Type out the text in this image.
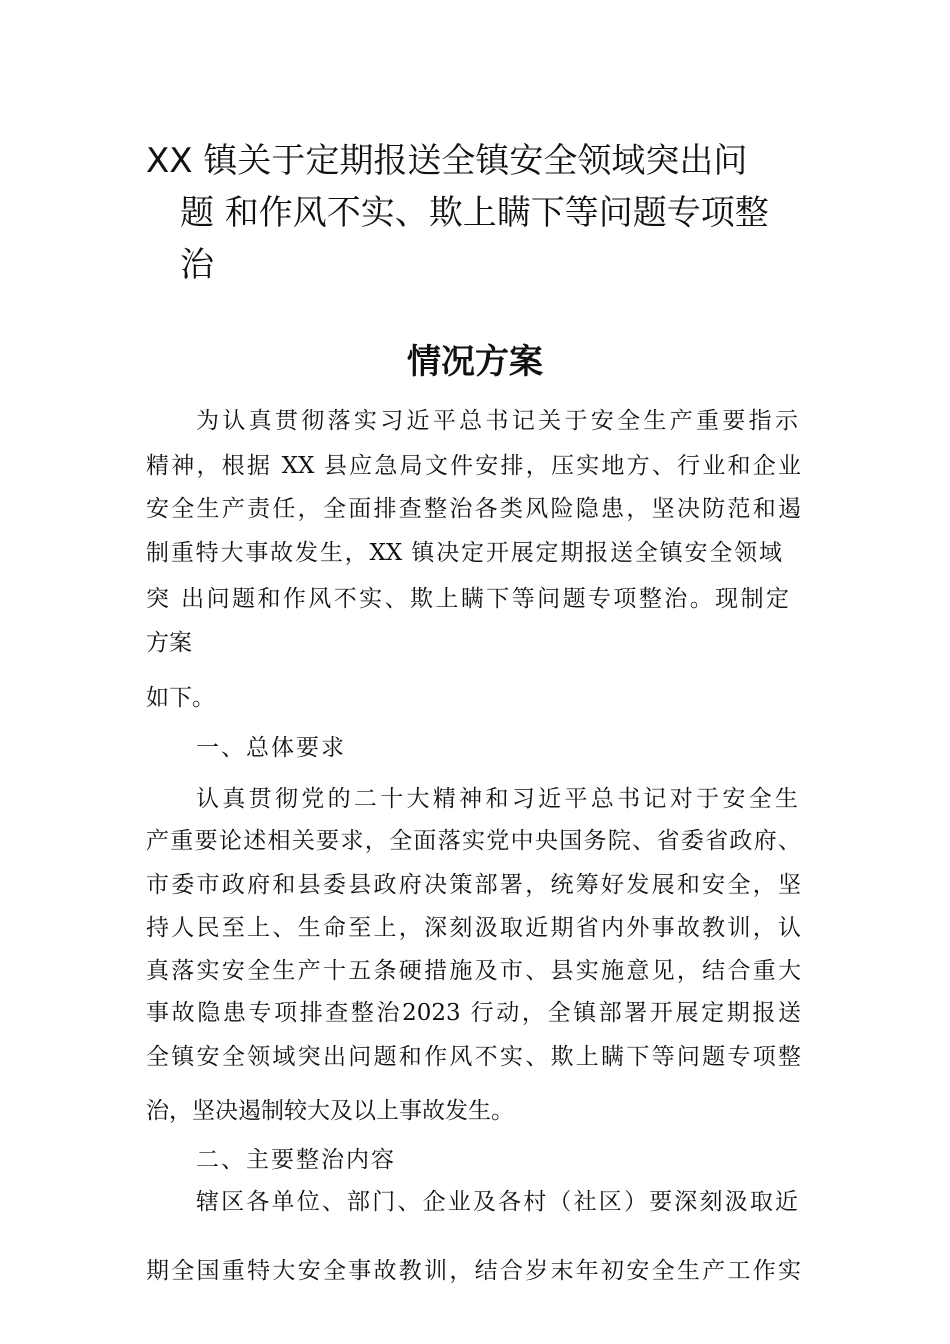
XX 镇关于定期报送全镇安全领域突出问
题 和作风不实、欺上瞒下等问题专项整
治
情况方案
为认真贯彻落实习近平总书记关于安全生产重要指示
精神，根据 XX 县应急局文件安排，压实地方、行业和企业
安全生产责任，全面排查整治各类风险隐患，坚决防范和遏
制重特大事故发生，XX 镇决定开展定期报送全镇安全领域
突 出问题和作风不实、欺上瞒下等问题专项整治。现制定
方案
如下。
一、总体要求
认真贯彻党的二十大精神和习近平总书记对于安全生
产重要论述相关要求，全面落实党中央国务院、省委省政府、
市委市政府和县委县政府决策部署，统筹好发展和安全，坚
持人民至上、生命至上，深刻汲取近期省内外事故教训，认
真落实安全生产十五条硬措施及市、县实施意见，结合重大
事故隐患专项排查整治2023 行动，全镇部署开展定期报送
全镇安全领域突出问题和作风不实、欺上瞒下等问题专项整
治，坚决遏制较大及以上事故发生。
二、主要整治内容
辖区各单位、部门、企业及各村（社区）要深刻汲取近
期全国重特大安全事故教训，结合岁末年初安全生产工作实
